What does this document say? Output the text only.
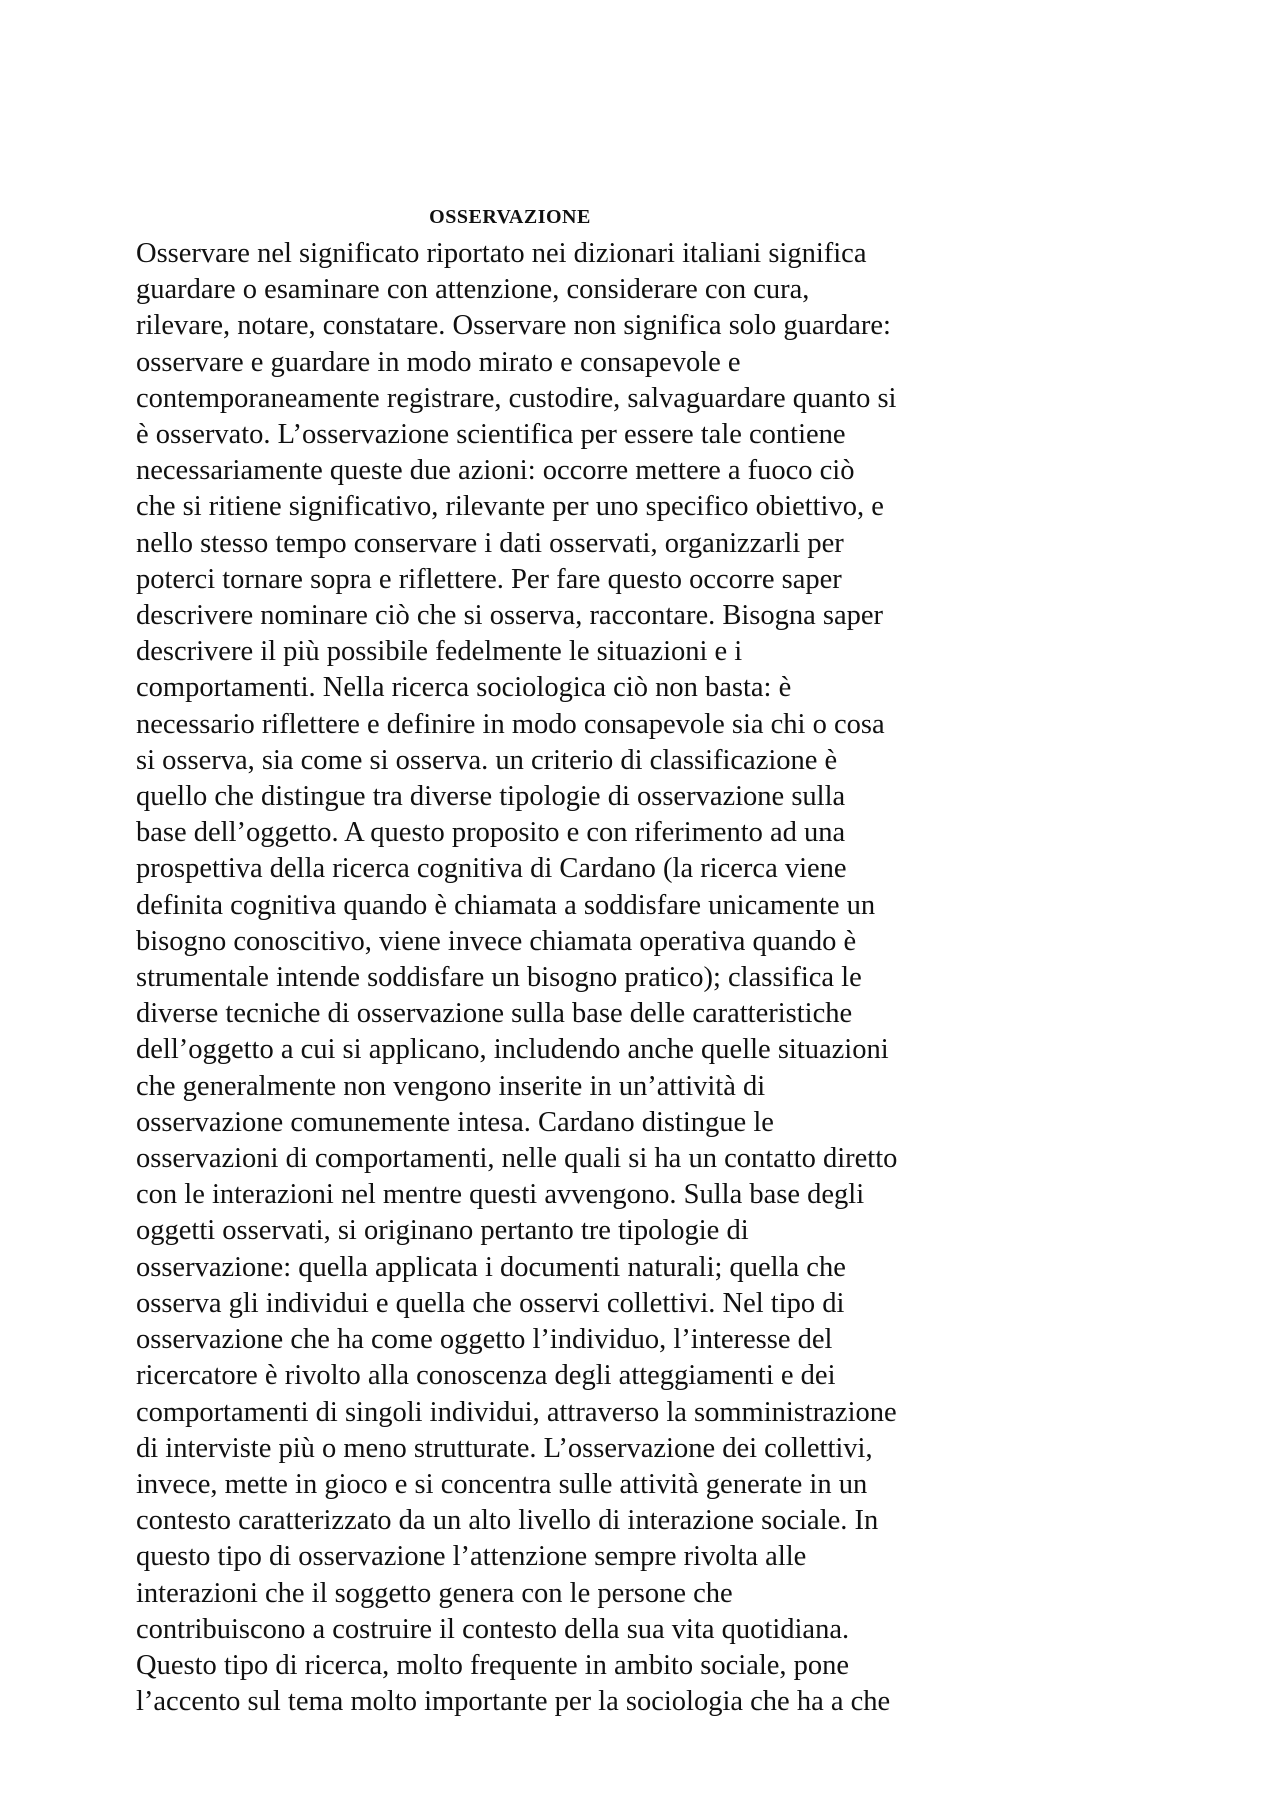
OSSERVAZIONE
Osservare nel significato riportato nei dizionari italiani significa
guardare o esaminare con attenzione, considerare con cura,
rilevare, notare, constatare. Osservare non significa solo guardare:
osservare e guardare in modo mirato e consapevole e
contemporaneamente registrare, custodire, salvaguardare quanto si
è osservato. L’osservazione scientifica per essere tale contiene
necessariamente queste due azioni: occorre mettere a fuoco ciò
che si ritiene significativo, rilevante per uno specifico obiettivo, e
nello stesso tempo conservare i dati osservati, organizzarli per
poterci tornare sopra e riflettere. Per fare questo occorre saper
descrivere nominare ciò che si osserva, raccontare. Bisogna saper
descrivere il più possibile fedelmente le situazioni e i
comportamenti. Nella ricerca sociologica ciò non basta: è
necessario riflettere e definire in modo consapevole sia chi o cosa
si osserva, sia come si osserva. un criterio di classificazione è
quello che distingue tra diverse tipologie di osservazione sulla
base dell’oggetto. A questo proposito e con riferimento ad una
prospettiva della ricerca cognitiva di Cardano (la ricerca viene
definita cognitiva quando è chiamata a soddisfare unicamente un
bisogno conoscitivo, viene invece chiamata operativa quando è
strumentale intende soddisfare un bisogno pratico); classifica le
diverse tecniche di osservazione sulla base delle caratteristiche
dell’oggetto a cui si applicano, includendo anche quelle situazioni
che generalmente non vengono inserite in un’attività di
osservazione comunemente intesa. Cardano distingue le
osservazioni di comportamenti, nelle quali si ha un contatto diretto
con le interazioni nel mentre questi avvengono. Sulla base degli
oggetti osservati, si originano pertanto tre tipologie di
osservazione: quella applicata i documenti naturali; quella che
osserva gli individui e quella che osservi collettivi. Nel tipo di
osservazione che ha come oggetto l’individuo, l’interesse del
ricercatore è rivolto alla conoscenza degli atteggiamenti e dei
comportamenti di singoli individui, attraverso la somministrazione
di interviste più o meno strutturate. L’osservazione dei collettivi,
invece, mette in gioco e si concentra sulle attività generate in un
contesto caratterizzato da un alto livello di interazione sociale. In
questo tipo di osservazione l’attenzione sempre rivolta alle
interazioni che il soggetto genera con le persone che
contribuiscono a costruire il contesto della sua vita quotidiana.
Questo tipo di ricerca, molto frequente in ambito sociale, pone
l’accento sul tema molto importante per la sociologia che ha a che
